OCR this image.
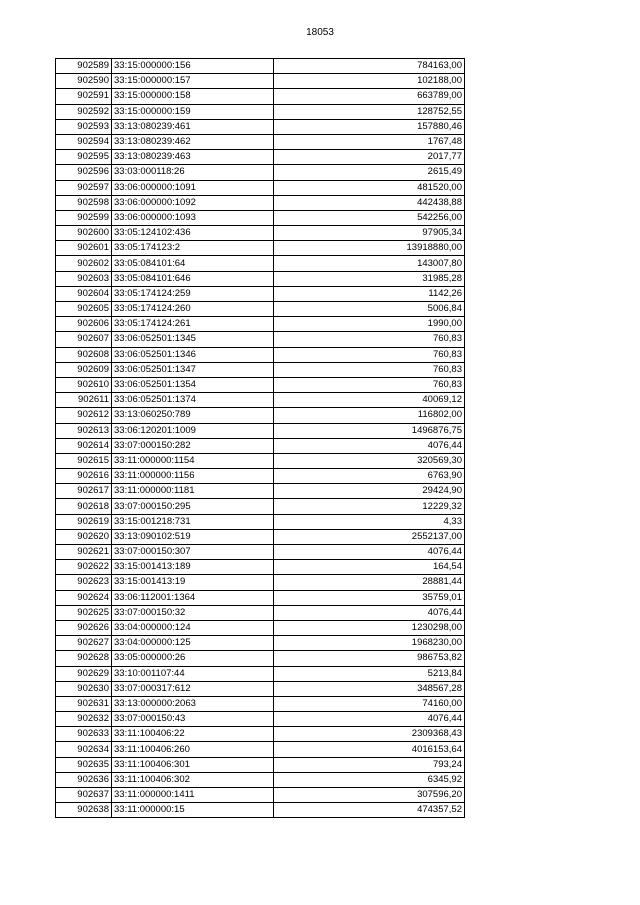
18053
902589	33:15:000000:156	784163,00
902590	33:15:000000:157	102188,00
902591	33:15:000000:158	663789,00
902592	33:15:000000:159	128752,55
902593	33:13:080239:461	157880,46
902594	33:13:080239:462	1767,48
902595	33:13:080239:463	2017,77
902596	33:03:000118:26	2615,49
902597	33:06:000000:1091	481520,00
902598	33:06:000000:1092	442438,88
902599	33:06:000000:1093	542256,00
902600	33:05:124102:436	97905,34
902601	33:05:174123:2	13918880,00
902602	33:05:084101:64	143007,80
902603	33:05:084101:646	31985,28
902604	33:05:174124:259	1142,26
902605	33:05:174124:260	5006,84
902606	33:05:174124:261	1990,00
902607	33:06:052501:1345	760,83
902608	33:06:052501:1346	760,83
902609	33:06:052501:1347	760,83
902610	33:06:052501:1354	760,83
902611	33:06:052501:1374	40069,12
902612	33:13:060250:789	116802,00
902613	33:06:120201:1009	1496876,75
902614	33:07:000150:282	4076,44
902615	33:11:000000:1154	320569,30
902616	33:11:000000:1156	6763,90
902617	33:11:000000:1181	29424,90
902618	33:07:000150:295	12229,32
902619	33:15:001218:731	4,33
902620	33:13:090102:519	2552137,00
902621	33:07:000150:307	4076,44
902622	33:15:001413:189	164,54
902623	33:15:001413:19	28881,44
902624	33:06:112001:1364	35759,01
902625	33:07:000150:32	4076,44
902626	33:04:000000:124	1230298,00
902627	33:04:000000:125	1968230,00
902628	33:05:000000:26	986753,82
902629	33:10:001107:44	5213,84
902630	33:07:000317:612	348567,28
902631	33:13:000000:2063	74160,00
902632	33:07:000150:43	4076,44
902633	33:11:100406:22	2309368,43
902634	33:11:100406:260	4016153,64
902635	33:11:100406:301	793,24
902636	33:11:100406:302	6345,92
902637	33:11:000000:1411	307596,20
902638	33:11:000000:15	474357,52
